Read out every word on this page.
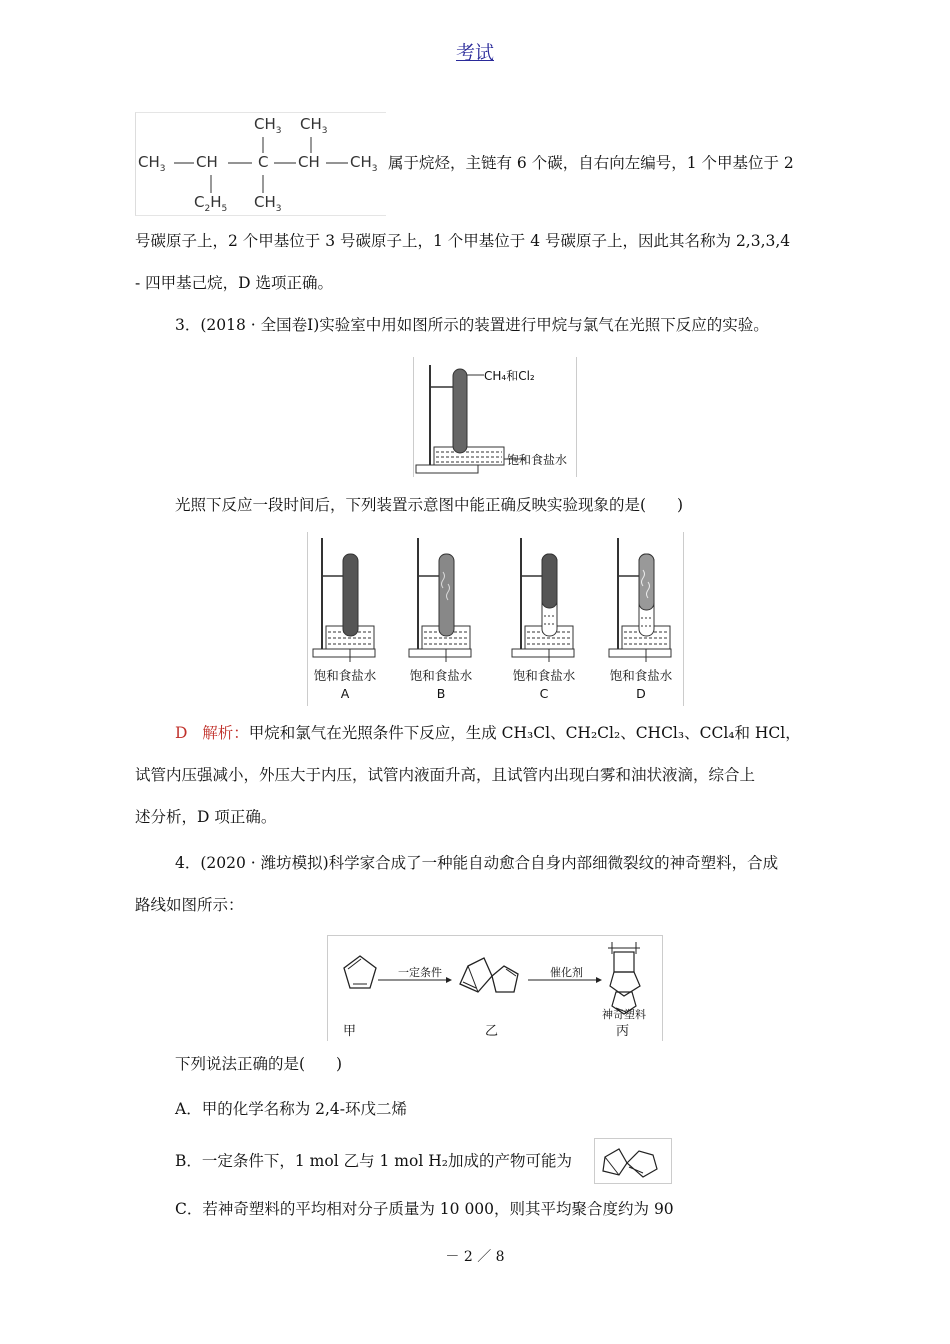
考试
$CH_3$ $CH_3$
$CH_3$ CH	C CH $CH_3$
$C_2H_5$ $CH_3$
属于烷烃，主链有 6 个碳，自右向左编号，1 个甲基位于 2
号碳原子上，2 个甲基位于 3 号碳原子上，1 个甲基位于 4 号碳原子上，因此其名称为 2,3,3,4
- 四甲基己烷，D 选项正确。
3．(2018 · 全国卷Ⅰ)实验室中用如图所示的装置进行甲烷与氯气在光照下反应的实验。
CH₄和Cl₂
饱和食盐水
光照下反应一段时间后，下列装置示意图中能正确反映实验现象的是(　　)
饱和食盐水
A
饱和食盐水
B
饱和食盐水
C
饱和食盐水
D
D 解析：甲烷和氯气在光照条件下反应，生成 CH₃Cl、CH₂Cl₂、CHCl₃、CCl₄和 HCl，
试管内压强减小，外压大于内压，试管内液面升高，且试管内出现白雾和油状液滴，综合上
述分析，D 项正确。
4．(2020 · 潍坊模拟)科学家合成了一种能自动愈合自身内部细微裂纹的神奇塑料，合成
路线如图所示：
一定条件	催化剂
神奇塑料
甲	乙	丙
下列说法正确的是(　　)
A．甲的化学名称为 2,4-环戊二烯
B．一定条件下，1 mol 乙与 1 mol H₂加成的产物可能为
C．若神奇塑料的平均相对分子质量为 10 000，则其平均聚合度约为 90
－ 2 ／ 8
